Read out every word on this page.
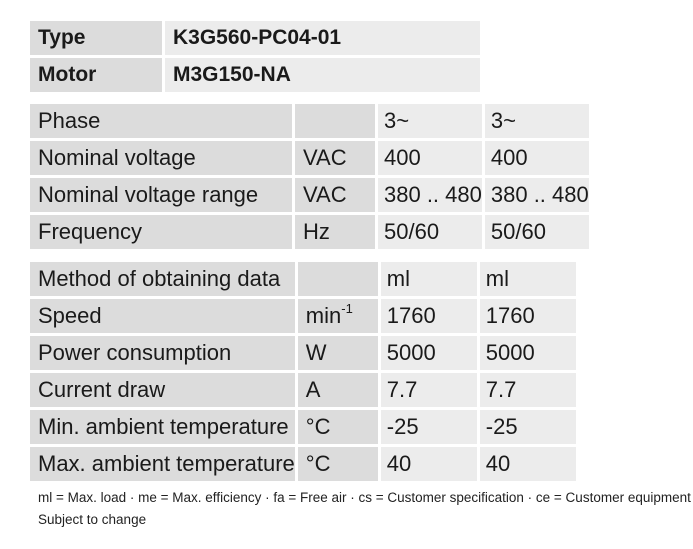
Type	K3G560-PC04-01
Motor	M3G150-NA
Phase		3~	3~
Nominal voltage	VAC	400	400
Nominal voltage range	VAC	380 .. 480	380 .. 480
Frequency	Hz	50/60	50/60
Method of obtaining data		ml	ml
Speed	$\min^{-1}$	1760	1760
Power consumption	W	5000	5000
Current draw	A	7.7	7.7
Min. ambient temperature	°C	-25	-25
Max. ambient temperature	°C	40	40
ml = Max. load · me = Max. efficiency · fa = Free air · cs = Customer specification · ce = Customer equipment
Subject to change
